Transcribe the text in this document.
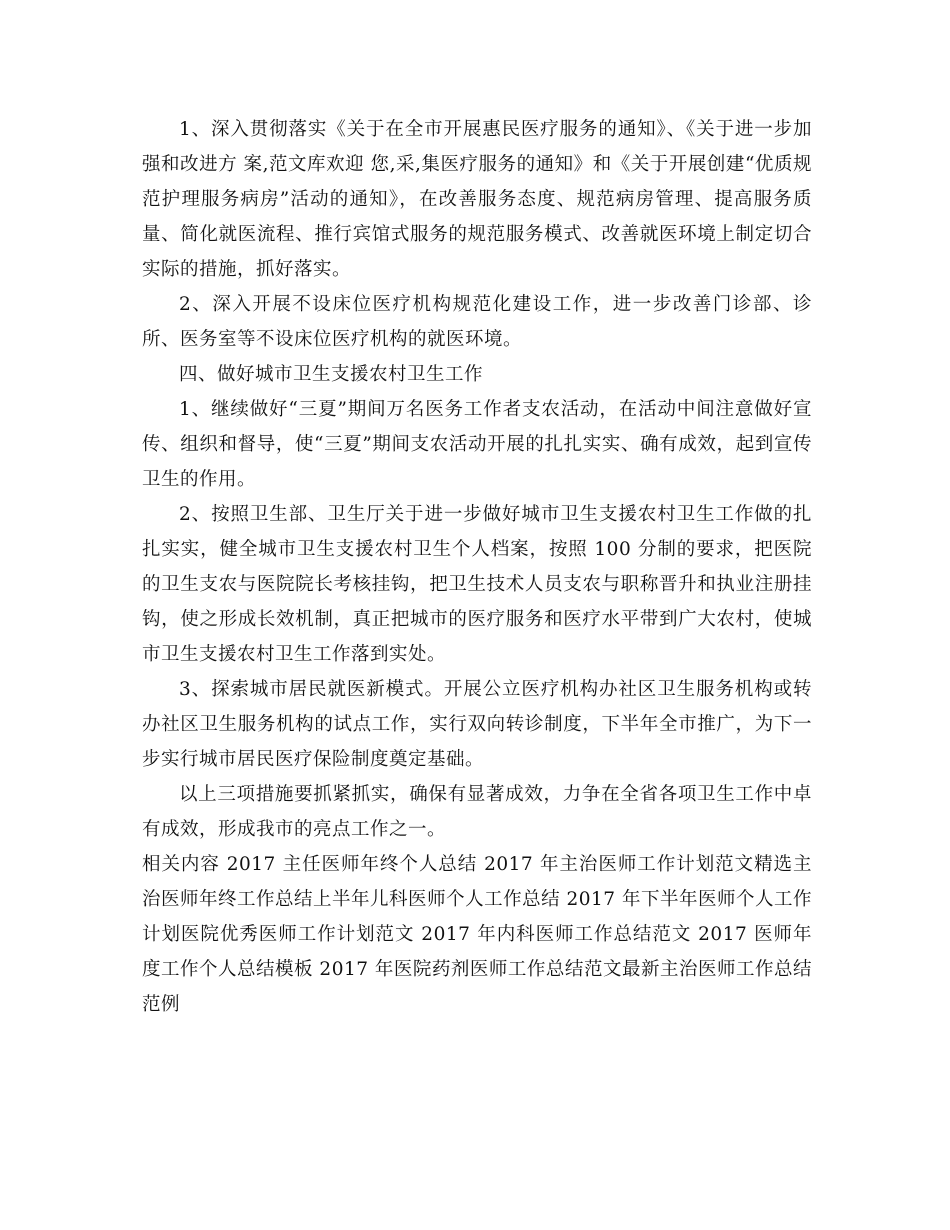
1、深入贯彻落实《关于在全市开展惠民医疗服务的通知》、《关于进一步加强和改进方 案,范文库欢迎 您,采,集医疗服务的通知》和《关于开展创建“优质规范护理服务病房”活动的通知》，在改善服务态度、规范病房管理、提高服务质量、简化就医流程、推行宾馆式服务的规范服务模式、改善就医环境上制定切合实际的措施，抓好落实。

2、深入开展不设床位医疗机构规范化建设工作，进一步改善门诊部、诊所、医务室等不设床位医疗机构的就医环境。

四、做好城市卫生支援农村卫生工作

1、继续做好“三夏”期间万名医务工作者支农活动，在活动中间注意做好宣传、组织和督导，使“三夏”期间支农活动开展的扎扎实实、确有成效，起到宣传卫生的作用。

2、按照卫生部、卫生厅关于进一步做好城市卫生支援农村卫生工作做的扎扎实实，健全城市卫生支援农村卫生个人档案，按照 100 分制的要求，把医院的卫生支农与医院院长考核挂钩，把卫生技术人员支农与职称晋升和执业注册挂钩，使之形成长效机制，真正把城市的医疗服务和医疗水平带到广大农村，使城市卫生支援农村卫生工作落到实处。

3、探索城市居民就医新模式。开展公立医疗机构办社区卫生服务机构或转办社区卫生服务机构的试点工作，实行双向转诊制度，下半年全市推广，为下一步实行城市居民医疗保险制度奠定基础。

以上三项措施要抓紧抓实，确保有显著成效，力争在全省各项卫生工作中卓有成效，形成我市的亮点工作之一。

相关内容 2017 主任医师年终个人总结 2017 年主治医师工作计划范文精选主治医师年终工作总结上半年儿科医师个人工作总结 2017 年下半年医师个人工作计划医院优秀医师工作计划范文 2017 年内科医师工作总结范文 2017 医师年度工作个人总结模板 2017 年医院药剂医师工作总结范文最新主治医师工作总结范例
